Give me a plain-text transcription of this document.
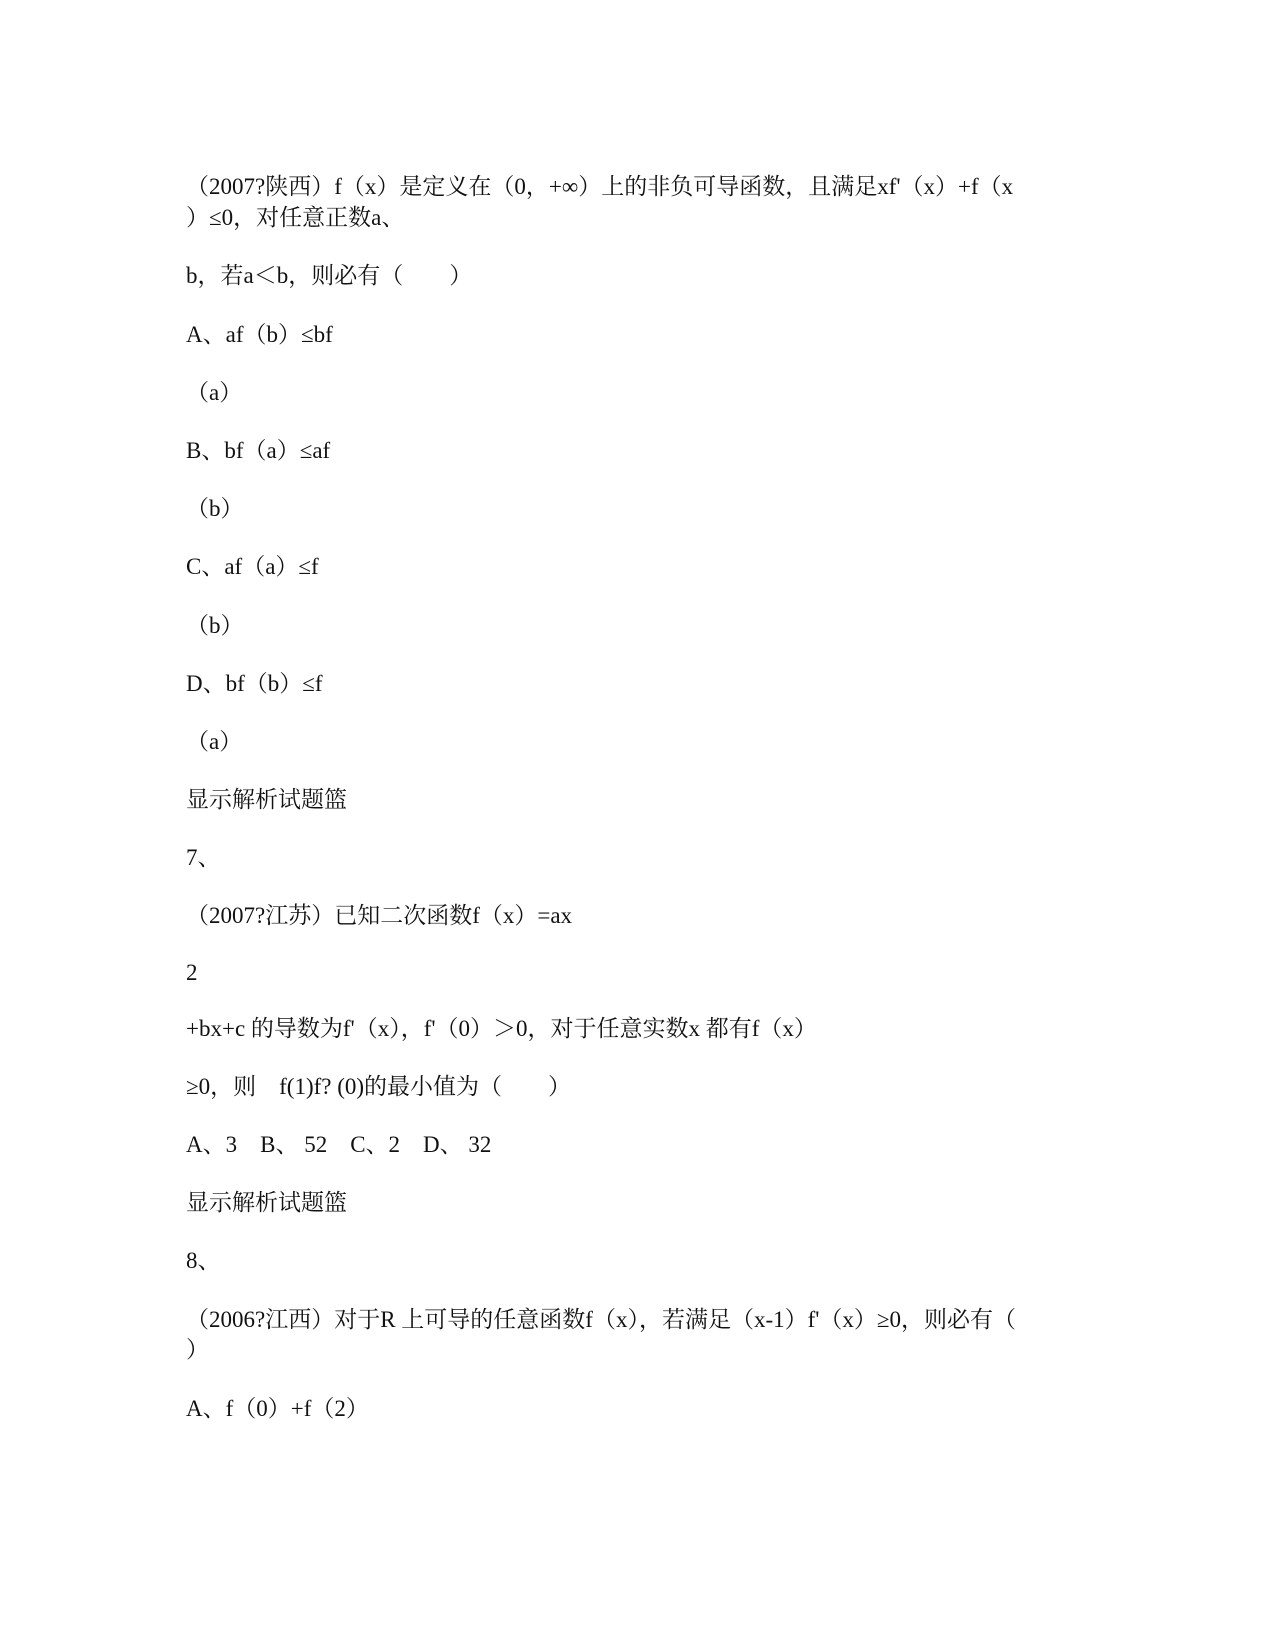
（2007?陕西）f（x）是定义在（0，+∞）上的非负可导函数，且满足xf'（x）+f（x

）≤0，对任意正数a、

b，若a＜b，则必有（　　）

A、af（b）≤bf

（a）

B、bf（a）≤af

（b）

C、af（a）≤f

（b）

D、bf（b）≤f

（a）

显示解析试题篮

7、

（2007?江苏）已知二次函数f（x）=ax

2

+bx+c 的导数为f'（x），f'（0）＞0，对于任意实数x 都有f（x）

≥0，则　f(1)f? (0)的最小值为（　　）

A、3　B、 52　C、2　D、 32

显示解析试题篮

8、

（2006?江西）对于R 上可导的任意函数f（x），若满足（x-1）f'（x）≥0，则必有（

）

A、f（0）+f（2）
